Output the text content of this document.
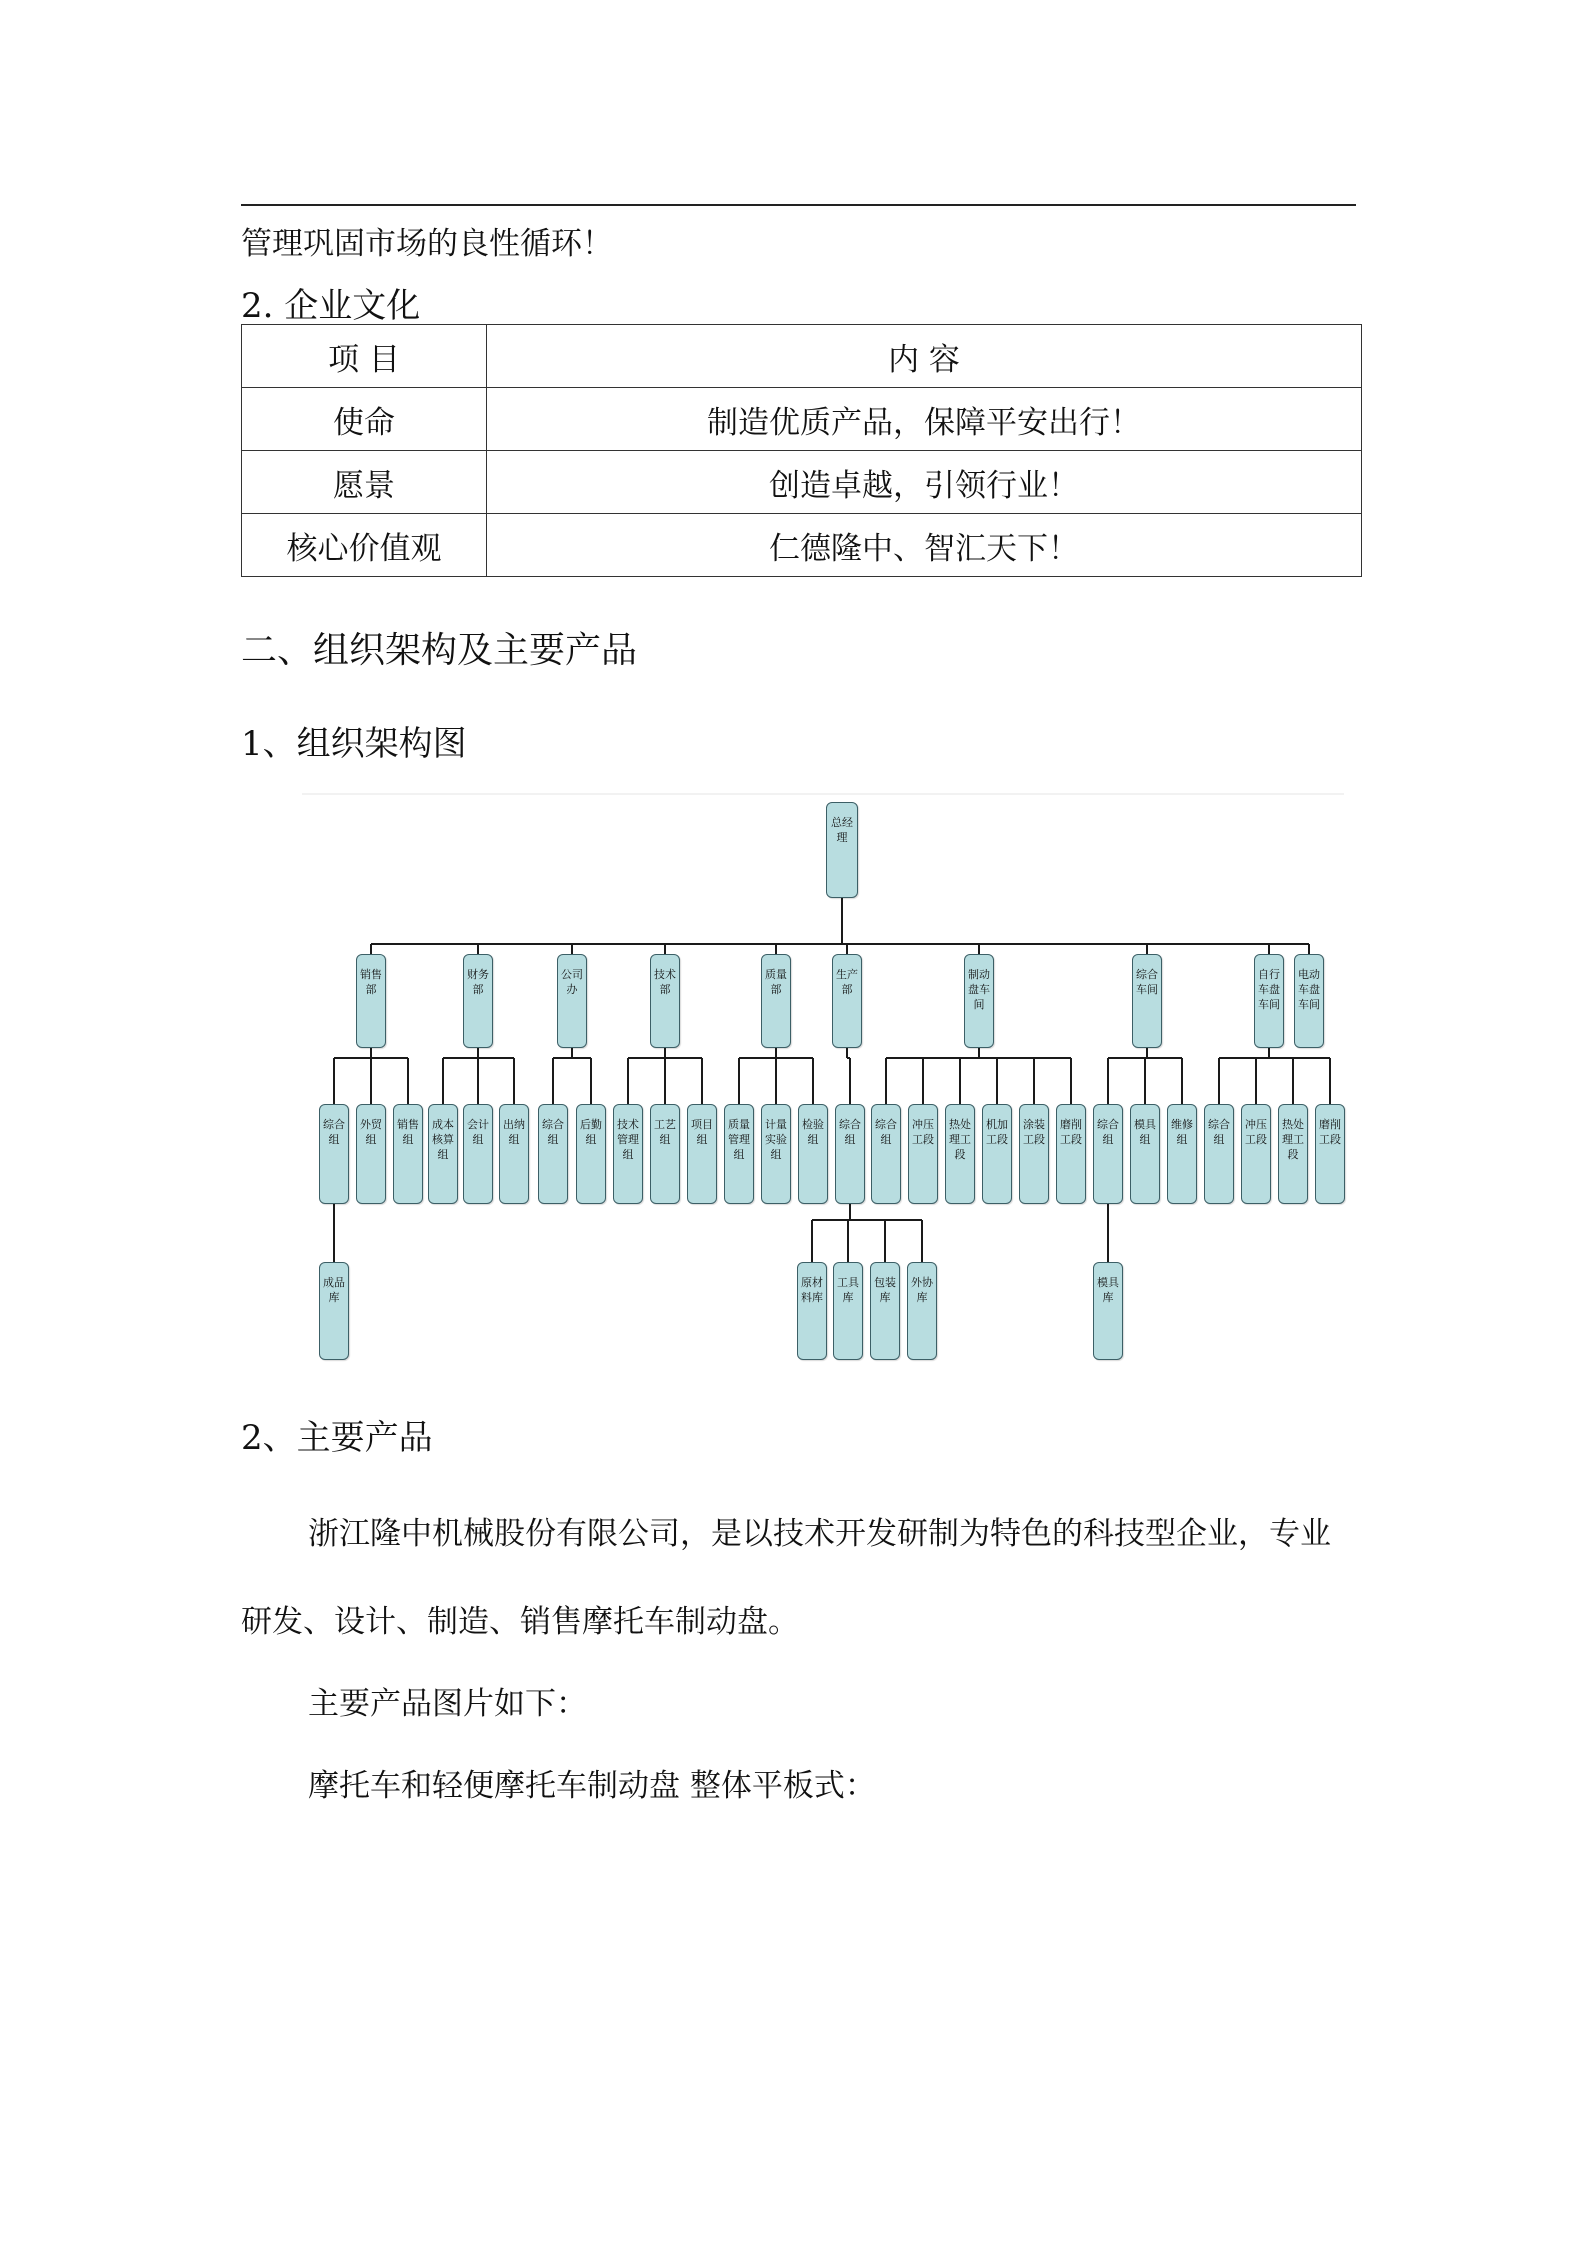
管理巩固市场的良性循环！
2. 企业文化
项 目	内 容
使命	制造优质产品，保障平安出行！
愿景	创造卓越，引领行业！
核心价值观	仁德隆中、智汇天下！
二、组织架构及主要产品
1、组织架构图
总经
理
销售
部
财务
部
公司
办
技术
部
质量
部
生产
部
制动
盘车
间
综合
车间
自行
车盘
车间
电动
车盘
车间
综合
组
外贸
组
销售
组
成本
核算
组
会计
组
出纳
组
综合
组
后勤
组
技术
管理
组
工艺
组
项目
组
质量
管理
组
计量
实验
组
检验
组
综合
组
综合
组
冲压
工段
热处
理工
段
机加
工段
涂装
工段
磨削
工段
综合
组
模具
组
维修
组
综合
组
冲压
工段
热处
理工
段
磨削
工段
成品
库
原材
料库
工具
库
包装
库
外协
库
模具
库
2、主要产品
浙江隆中机械股份有限公司，是以技术开发研制为特色的科技型企业，专业
研发、设计、制造、销售摩托车制动盘。
主要产品图片如下：
摩托车和轻便摩托车制动盘 整体平板式：
